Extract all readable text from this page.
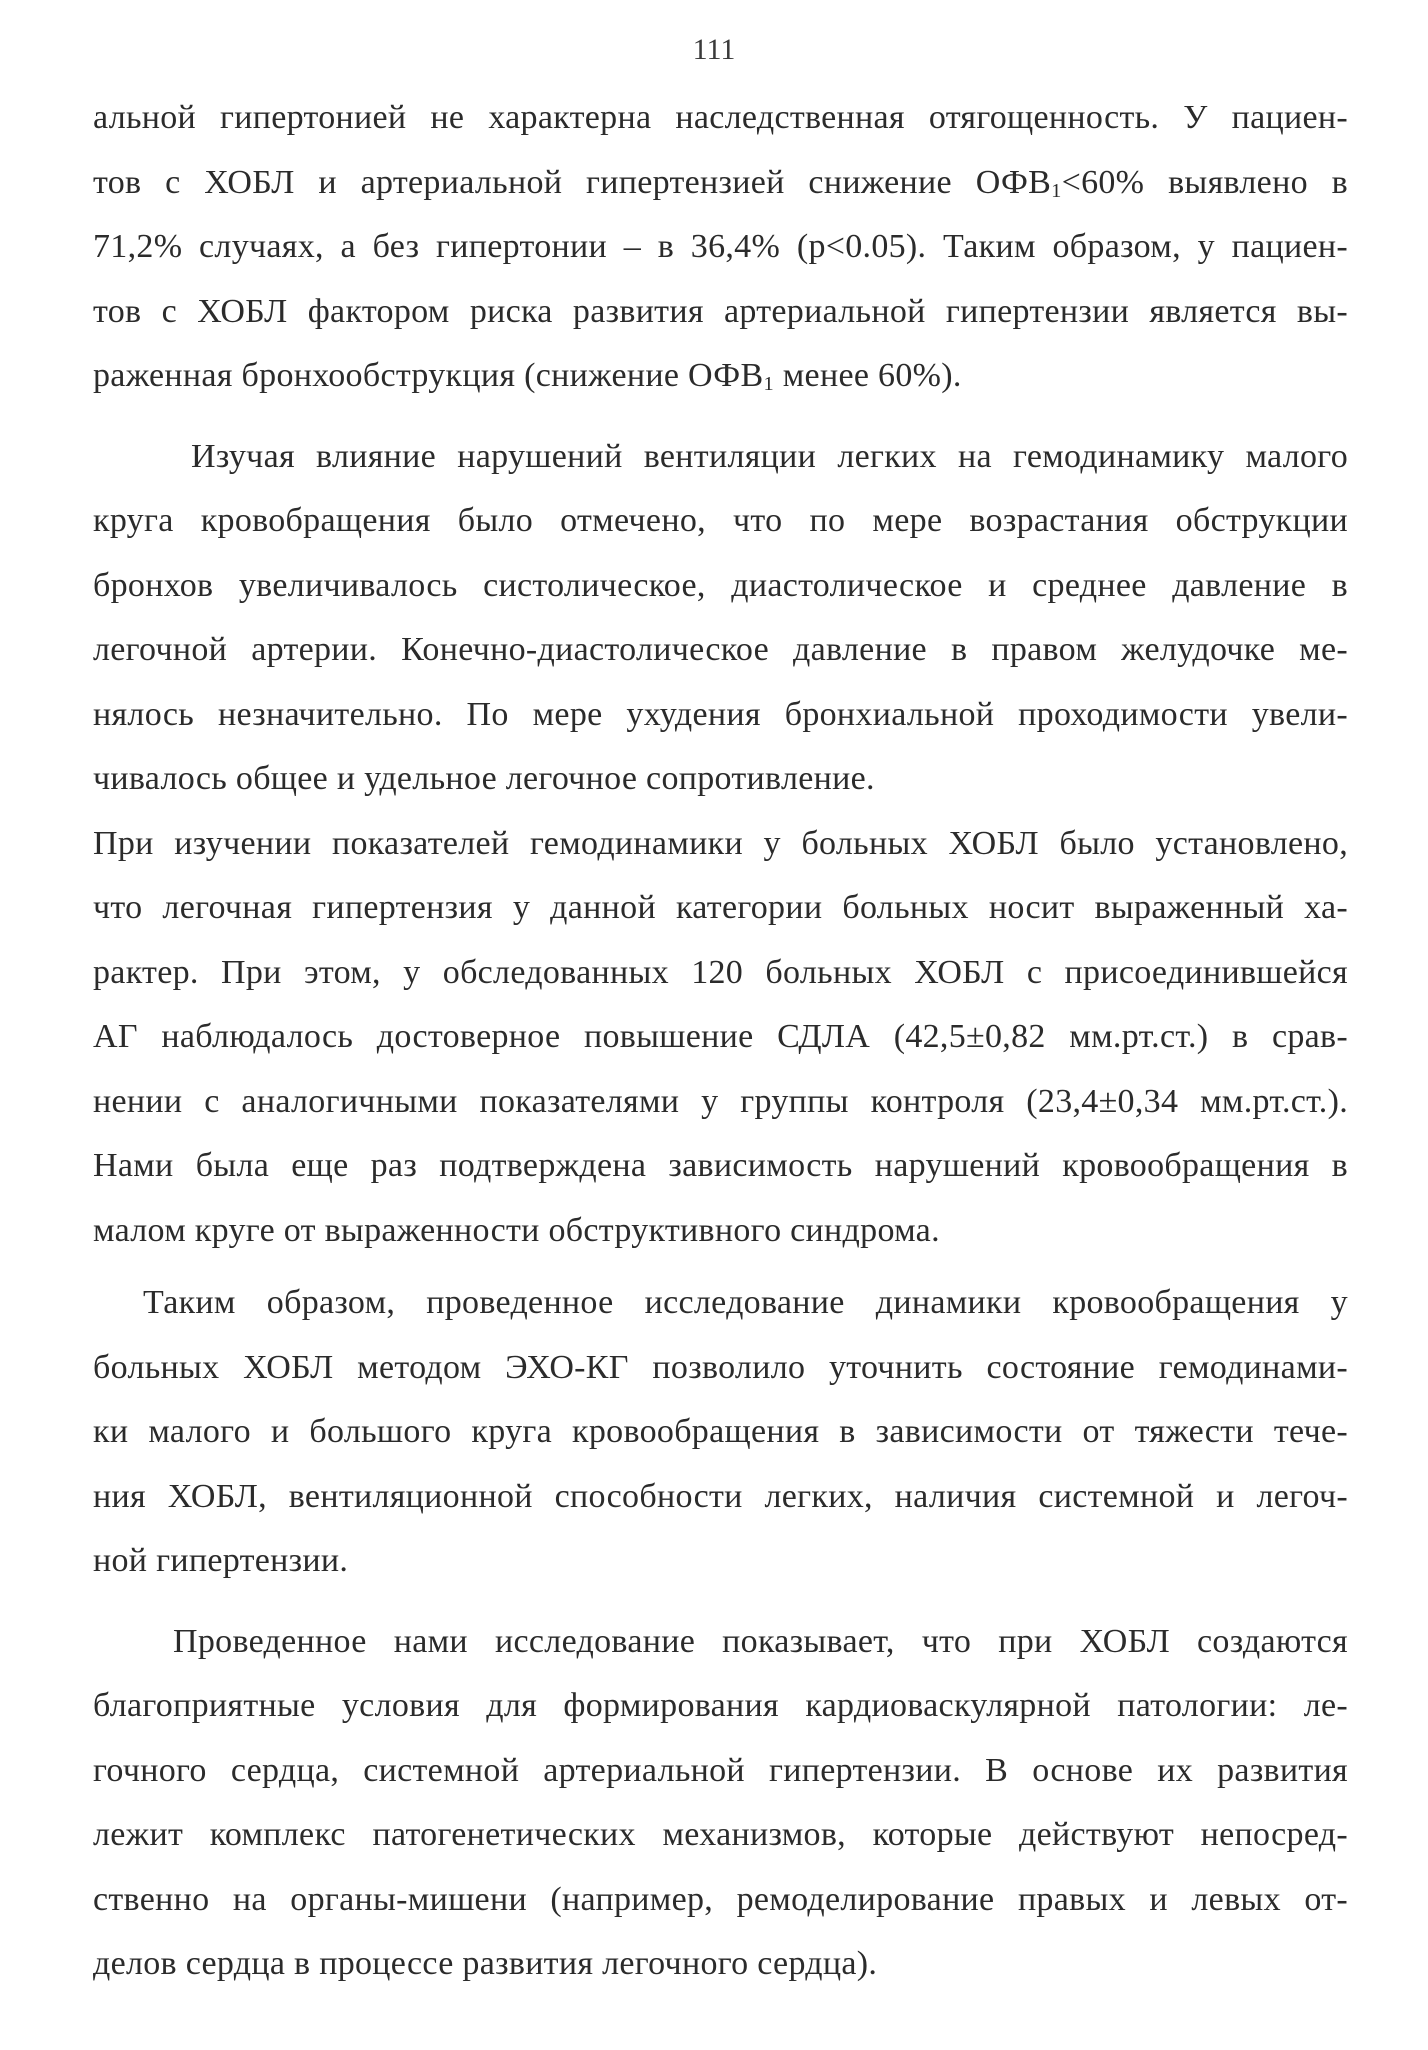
111
альной гипертонией не характерна наследственная отягощенность. У пациен-
тов с ХОБЛ и артериальной гипертензией снижение $ОФВ_1<60\%$ выявлено в
71,2% случаях, а без гипертонии – в 36,4% (р<0.05). Таким образом, у пациен-
тов с ХОБЛ фактором риска развития артериальной гипертензии является вы-
раженная бронхообструкция (снижение $ОФВ_1$ менее 60%).
Изучая влияние нарушений вентиляции легких на гемодинамику малого
круга кровобращения было отмечено, что по мере возрастания обструкции
бронхов увеличивалось систолическое, диастолическое и среднее давление в
легочной артерии. Конечно-диастолическое давление в правом желудочке ме-
нялось незначительно. По мере ухудения бронхиальной проходимости увели-
чивалось общее и удельное легочное сопротивление.
При изучении показателей гемодинамики у больных ХОБЛ было установлено,
что легочная гипертензия у данной категории больных носит выраженный ха-
рактер. При этом, у обследованных 120 больных ХОБЛ с присоединившейся
АГ наблюдалось достоверное повышение СДЛА (42,5±0,82 мм.рт.ст.) в срав-
нении с аналогичными показателями у группы контроля (23,4±0,34 мм.рт.ст.).
Нами была еще раз подтверждена зависимость нарушений кровообращения в
малом круге от выраженности обструктивного синдрома.
Таким образом, проведенное исследование динамики кровообращения у
больных ХОБЛ методом ЭХО-КГ позволило уточнить состояние гемодинами-
ки малого и большого круга кровообращения в зависимости от тяжести тече-
ния ХОБЛ, вентиляционной способности легких, наличия системной и легоч-
ной гипертензии.
Проведенное нами исследование показывает, что при ХОБЛ создаются
благоприятные условия для формирования кардиоваскулярной патологии: ле-
гочного сердца, системной артериальной гипертензии. В основе их развития
лежит комплекс патогенетических механизмов, которые действуют непосред-
ственно на органы-мишени (например, ремоделирование правых и левых от-
делов сердца в процессе развития легочного сердца).
